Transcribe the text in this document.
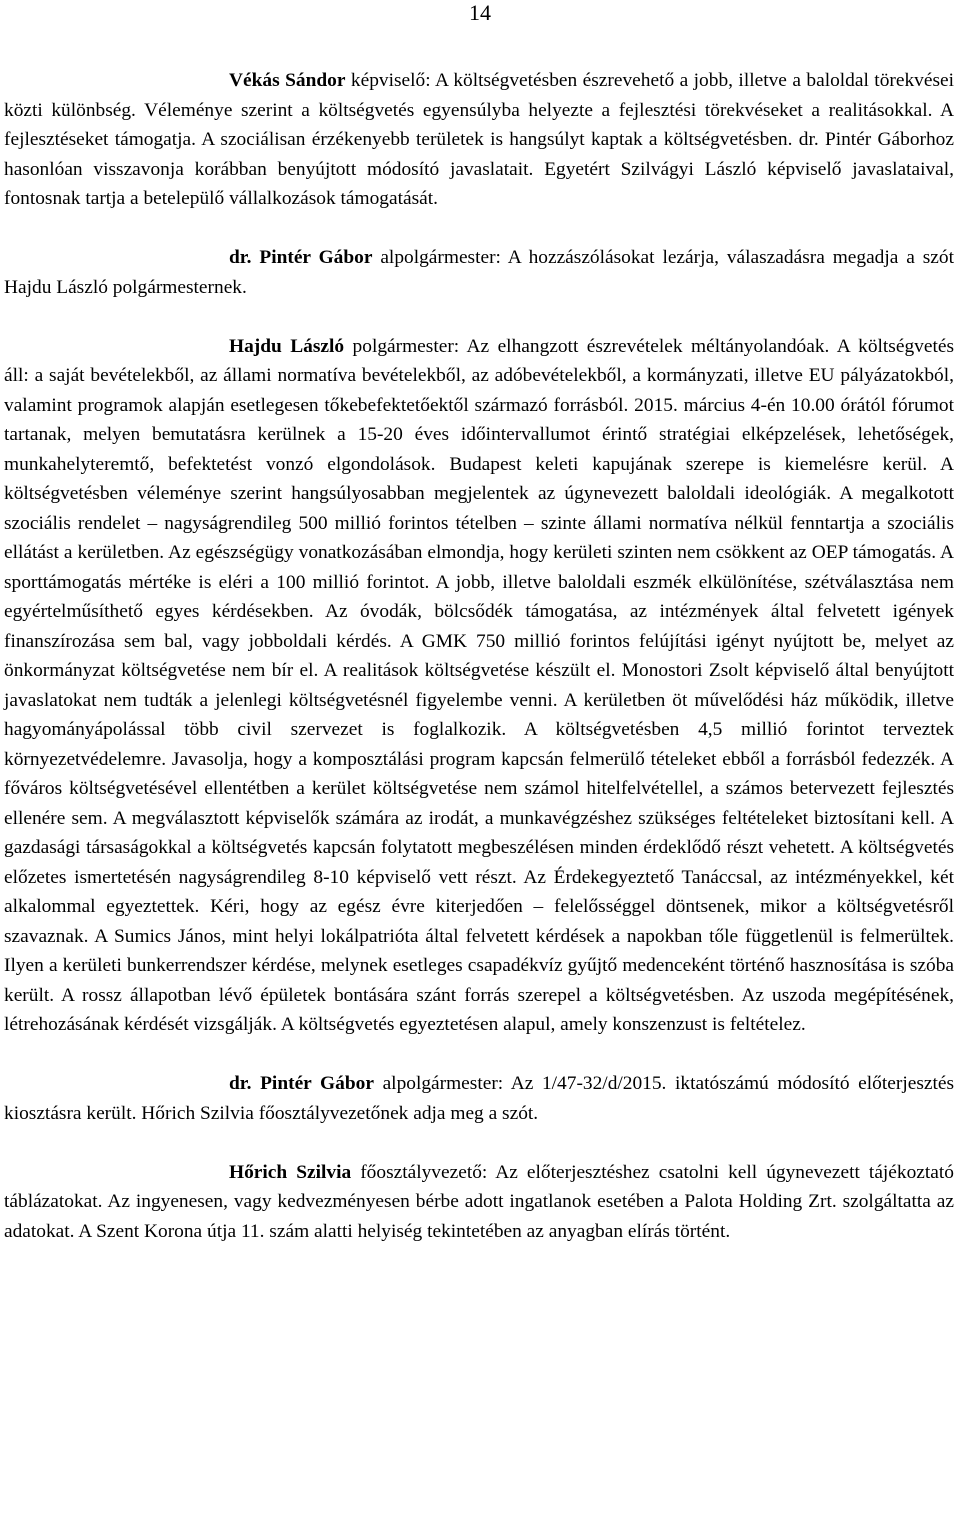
14

Vékás Sándor képviselő: A költségvetésben észrevehető a jobb, illetve a baloldal törekvései közti különbség. Véleménye szerint a költségvetés egyensúlyba helyezte a fejlesztési törekvéseket a realitásokkal. A fejlesztéseket támogatja. A szociálisan érzékenyebb területek is hangsúlyt kaptak a költségvetésben. dr. Pintér Gáborhoz hasonlóan visszavonja korábban benyújtott módosító javaslatait. Egyetért Szilvágyi László képviselő javaslataival, fontosnak tartja a betelepülő vállalkozások támogatását.

dr. Pintér Gábor alpolgármester: A hozzászólásokat lezárja, válaszadásra megadja a szót Hajdu László polgármesternek.

Hajdu László polgármester: Az elhangzott észrevételek méltányolandóak. A költségvetés áll: a saját bevételekből, az állami normatíva bevételekből, az adóbevételekből, a kormányzati, illetve EU pályázatokból, valamint programok alapján esetlegesen tőkebefektetőektől származó forrásból. 2015. március 4-én 10.00 órától fórumot tartanak, melyen bemutatásra kerülnek a 15-20 éves időintervallumot érintő stratégiai elképzelések, lehetőségek, munkahelyteremtő, befektetést vonzó elgondolások. Budapest keleti kapujának szerepe is kiemelésre kerül. A költségvetésben véleménye szerint hangsúlyosabban megjelentek az úgynevezett baloldali ideológiák. A megalkotott szociális rendelet – nagyságrendileg 500 millió forintos tételben – szinte állami normatíva nélkül fenntartja a szociális ellátást a kerületben. Az egészségügy vonatkozásában elmondja, hogy kerületi szinten nem csökkent az OEP támogatás. A sporttámogatás mértéke is eléri a 100 millió forintot. A jobb, illetve baloldali eszmék elkülönítése, szétválasztása nem egyértelműsíthető egyes kérdésekben. Az óvodák, bölcsődék támogatása, az intézmények által felvetett igények finanszírozása sem bal, vagy jobboldali kérdés. A GMK 750 millió forintos felújítási igényt nyújtott be, melyet az önkormányzat költségvetése nem bír el. A realitások költségvetése készült el. Monostori Zsolt képviselő által benyújtott javaslatokat nem tudták a jelenlegi költségvetésnél figyelembe venni. A kerületben öt művelődési ház működik, illetve hagyományápolással több civil szervezet is foglalkozik. A költségvetésben 4,5 millió forintot terveztek környezetvédelemre. Javasolja, hogy a komposztálási program kapcsán felmerülő tételeket ebből a forrásból fedezzék. A főváros költségvetésével ellentétben a kerület költségvetése nem számol hitelfelvétellel, a számos betervezett fejlesztés ellenére sem. A megválasztott képviselők számára az irodát, a munkavégzéshez szükséges feltételeket biztosítani kell. A gazdasági társaságokkal a költségvetés kapcsán folytatott megbeszélésen minden érdeklődő részt vehetett. A költségvetés előzetes ismertetésén nagyságrendileg 8-10 képviselő vett részt. Az Érdekegyeztető Tanáccsal, az intézményekkel, két alkalommal egyeztettek. Kéri, hogy az egész évre kiterjedően – felelősséggel döntsenek, mikor a költségvetésről szavaznak. A Sumics János, mint helyi lokálpatrióta által felvetett kérdések a napokban tőle függetlenül is felmerültek. Ilyen a kerületi bunkerrendszer kérdése, melynek esetleges csapadékvíz gyűjtő medenceként történő hasznosítása is szóba került. A rossz állapotban lévő épületek bontására szánt forrás szerepel a költségvetésben. Az uszoda megépítésének, létrehozásának kérdését vizsgálják. A költségvetés egyeztetésen alapul, amely konszenzust is feltételez.

dr. Pintér Gábor alpolgármester: Az 1/47-32/d/2015. iktatószámú módosító előterjesztés kiosztásra került. Hőrich Szilvia főosztályvezetőnek adja meg a szót.

Hőrich Szilvia főosztályvezető: Az előterjesztéshez csatolni kell úgynevezett tájékoztató táblázatokat. Az ingyenesen, vagy kedvezményesen bérbe adott ingatlanok esetében a Palota Holding Zrt. szolgáltatta az adatokat. A Szent Korona útja 11. szám alatti helyiség tekintetében az anyagban elírás történt.
